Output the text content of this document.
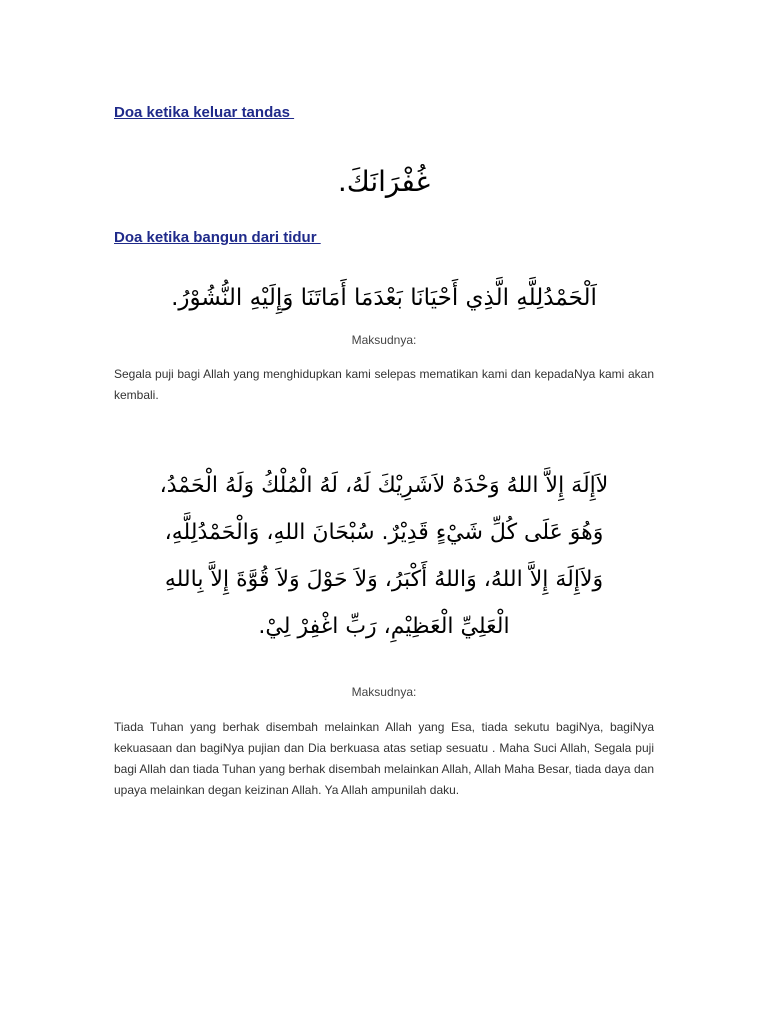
Doa ketika keluar tandas
غُفْرَانَكَ.
Doa ketika bangun dari tidur
اَلْحَمْدُلِلَّهِ الَّذِي أَحْيَانَا بَعْدَمَا أَمَاتَنَا وَإِلَيْهِ النُّشُوْرُ.
Maksudnya:
Segala puji bagi Allah yang menghidupkan kami selepas mematikan kami dan kepadaNya kami akan kembali.
لاَإِلَهَ إِلاَّ اللهُ وَحْدَهُ لاَشَرِيْكَ لَهُ، لَهُ الْمُلْكُ وَلَهُ الْحَمْدُ،
وَهُوَ عَلَى كُلِّ شَيْءٍ قَدِيْرٌ. سُبْحَانَ اللهِ، وَالْحَمْدُلِلَّهِ،
وَلاَإِلَهَ إِلاَّ اللهُ، وَاللهُ أَكْبَرُ، وَلاَ حَوْلَ وَلاَ قُوَّةَ إِلاَّ بِاللهِ
الْعَلِيِّ الْعَظِيْمِ، رَبِّ اغْفِرْ لِيْ.
Maksudnya:
Tiada Tuhan yang berhak disembah melainkan Allah yang Esa, tiada sekutu bagiNya, bagiNya kekuasaan dan bagiNya pujian dan Dia berkuasa atas setiap sesuatu . Maha Suci Allah, Segala puji bagi Allah dan tiada Tuhan yang berhak disembah melainkan Allah, Allah Maha Besar, tiada daya dan upaya melainkan degan keizinan Allah. Ya Allah ampunilah daku.
